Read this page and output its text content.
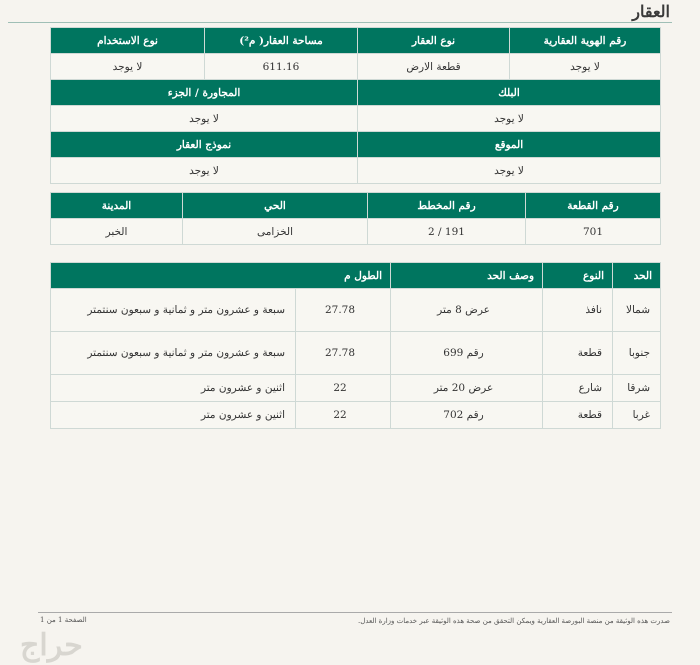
العقار
رقم الهوية العقارية	نوع العقار	مساحة العقار( م²)	نوع الاستخدام
لا يوجد	قطعة الارض	611.16	لا يوجد
البلك		المجاورة / الجزء	
لا يوجد		لا يوجد	
الموقع		نموذج العقار	
لا يوجد		لا يوجد	
رقم القطعة	رقم المخطط	الحي	المدينة
701	191 / 2	الخزامى	الخبر
الحد	النوع	وصف الحد	الطول م	
شمالا	نافذ	عرض 8 متر	27.78	سبعة و عشرون متر و ثمانية و سبعون سنتمتر
جنوبا	قطعة	رقم 699	27.78	سبعة و عشرون متر و ثمانية و سبعون سنتمتر
شرقا	شارع	عرض 20 متر	22	اثنين و عشرون متر
غربا	قطعة	رقم 702	22	اثنين و عشرون متر
صدرت هذه الوثيقة من منصة البورصة العقارية ويمكن التحقق من صحة هذه الوثيقة عبر خدمات وزارة العدل.
الصفحة 1 من 1
حراج
